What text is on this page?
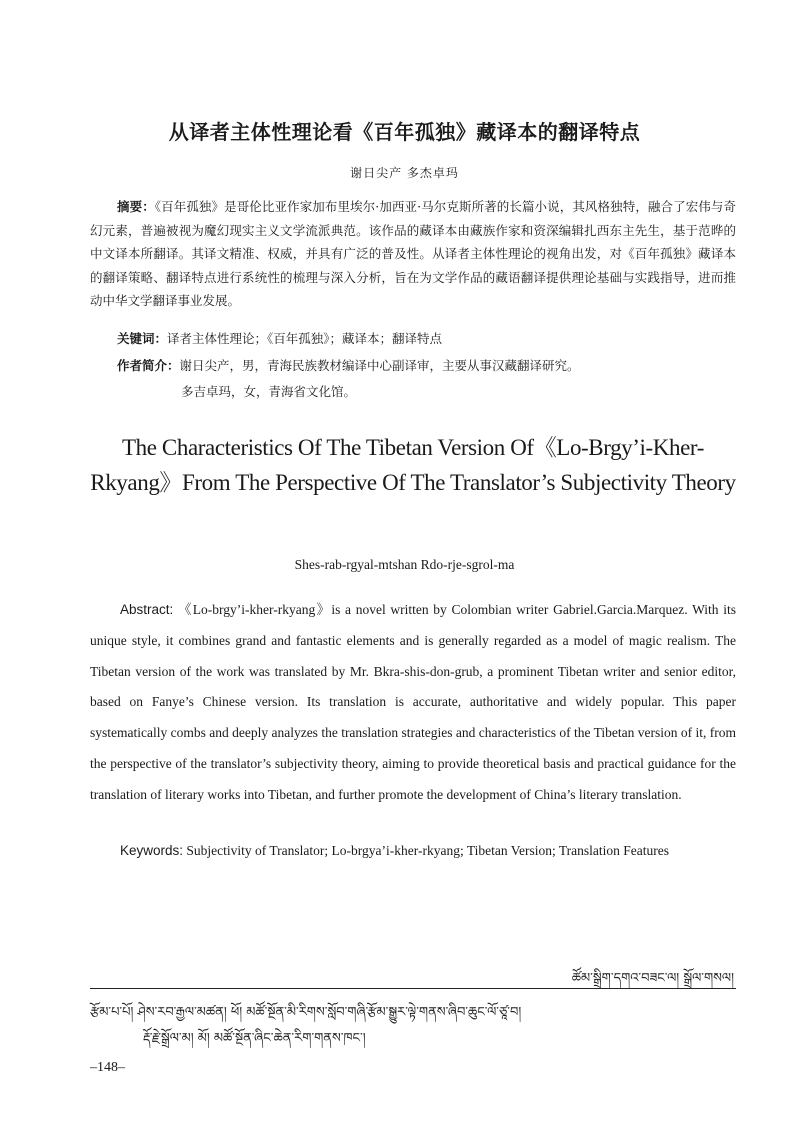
从译者主体性理论看《百年孤独》藏译本的翻译特点
谢日尖产 多杰卓玛
摘要：《百年孤独》是哥伦比亚作家加布里埃尔·加西亚·马尔克斯所著的长篇小说，其风格独特，融合了宏伟与奇幻元素，普遍被视为魔幻现实主义文学流派典范。该作品的藏译本由藏族作家和资深编辑扎西东主先生，基于范晔的中文译本所翻译。其译文精准、权威，并具有广泛的普及性。从译者主体性理论的视角出发，对《百年孤独》藏译本的翻译策略、翻译特点进行系统性的梳理与深入分析，旨在为文学作品的藏语翻译提供理论基础与实践指导，进而推动中华文学翻译事业发展。
关键词：译者主体性理论；《百年孤独》；藏译本；翻译特点
作者简介：谢日尖产，男，青海民族教材编译中心副译审，主要从事汉藏翻译研究。
多吉卓玛，女，青海省文化馆。
The Characteristics Of The Tibetan Version Of《Lo-Brgy’i-Kher-Rkyang》From The Perspective Of The Translator’s Subjectivity Theory
Shes-rab-rgyal-mtshan Rdo-rje-sgrol-ma
Abstract: 《Lo-brgy’i-kher-rkyang》is a novel written by Colombian writer Gabriel.Garcia.Marquez. With its unique style, it combines grand and fantastic elements and is generally regarded as a model of magic realism. The Tibetan version of the work was translated by Mr. Bkra-shis-don-grub, a prominent Tibetan writer and senior editor, based on Fanye’s Chinese version. Its translation is accurate, authoritative and widely popular. This paper systematically combs and deeply analyzes the translation strategies and characteristics of the Tibetan version of it, from the perspective of the translator’s subjectivity theory, aiming to provide theoretical basis and practical guidance for the translation of literary works into Tibetan, and further promote the development of China’s literary translation.
Keywords: Subjectivity of Translator; Lo-brgya’i-kher-rkyang; Tibetan Version; Translation Features
ཚོམ་སྒྲིག་དགའ་བཟང་ལ། སྒྲོལ་གསལ།
རྩོམ་པ་པོ། ཤེས་རབ་རྒྱལ་མཚན། ཕོ། མཚོ་སྔོན་མི་རིགས་སློབ་གཞི་རྩོམ་སྒྱུར་ལྟེ་གནས་ཞིབ་ཆུང་ལོ་ཙཱ་བ།
རྡོ་རྗེ་སྒྲོལ་མ། མོ། མཚོ་སྔོན་ཞིང་ཆེན་རིག་གནས་ཁང་།
–148–
